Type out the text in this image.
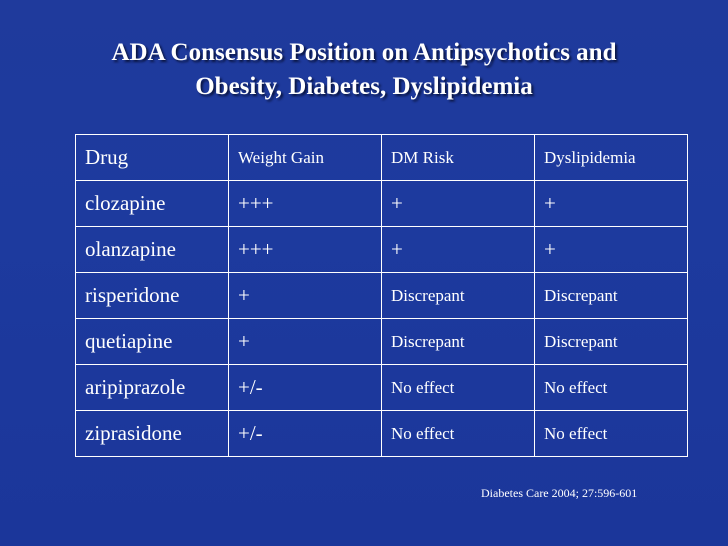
ADA Consensus Position on Antipsychotics and
Obesity, Diabetes, Dyslipidemia
Drug	Weight Gain	DM Risk	Dyslipidemia
clozapine	+++	+	+
olanzapine	+++	+	+
risperidone	+	Discrepant	Discrepant
quetiapine	+	Discrepant	Discrepant
aripiprazole	+/-	No effect	No effect
ziprasidone	+/-	No effect	No effect
Diabetes Care 2004; 27:596-601
